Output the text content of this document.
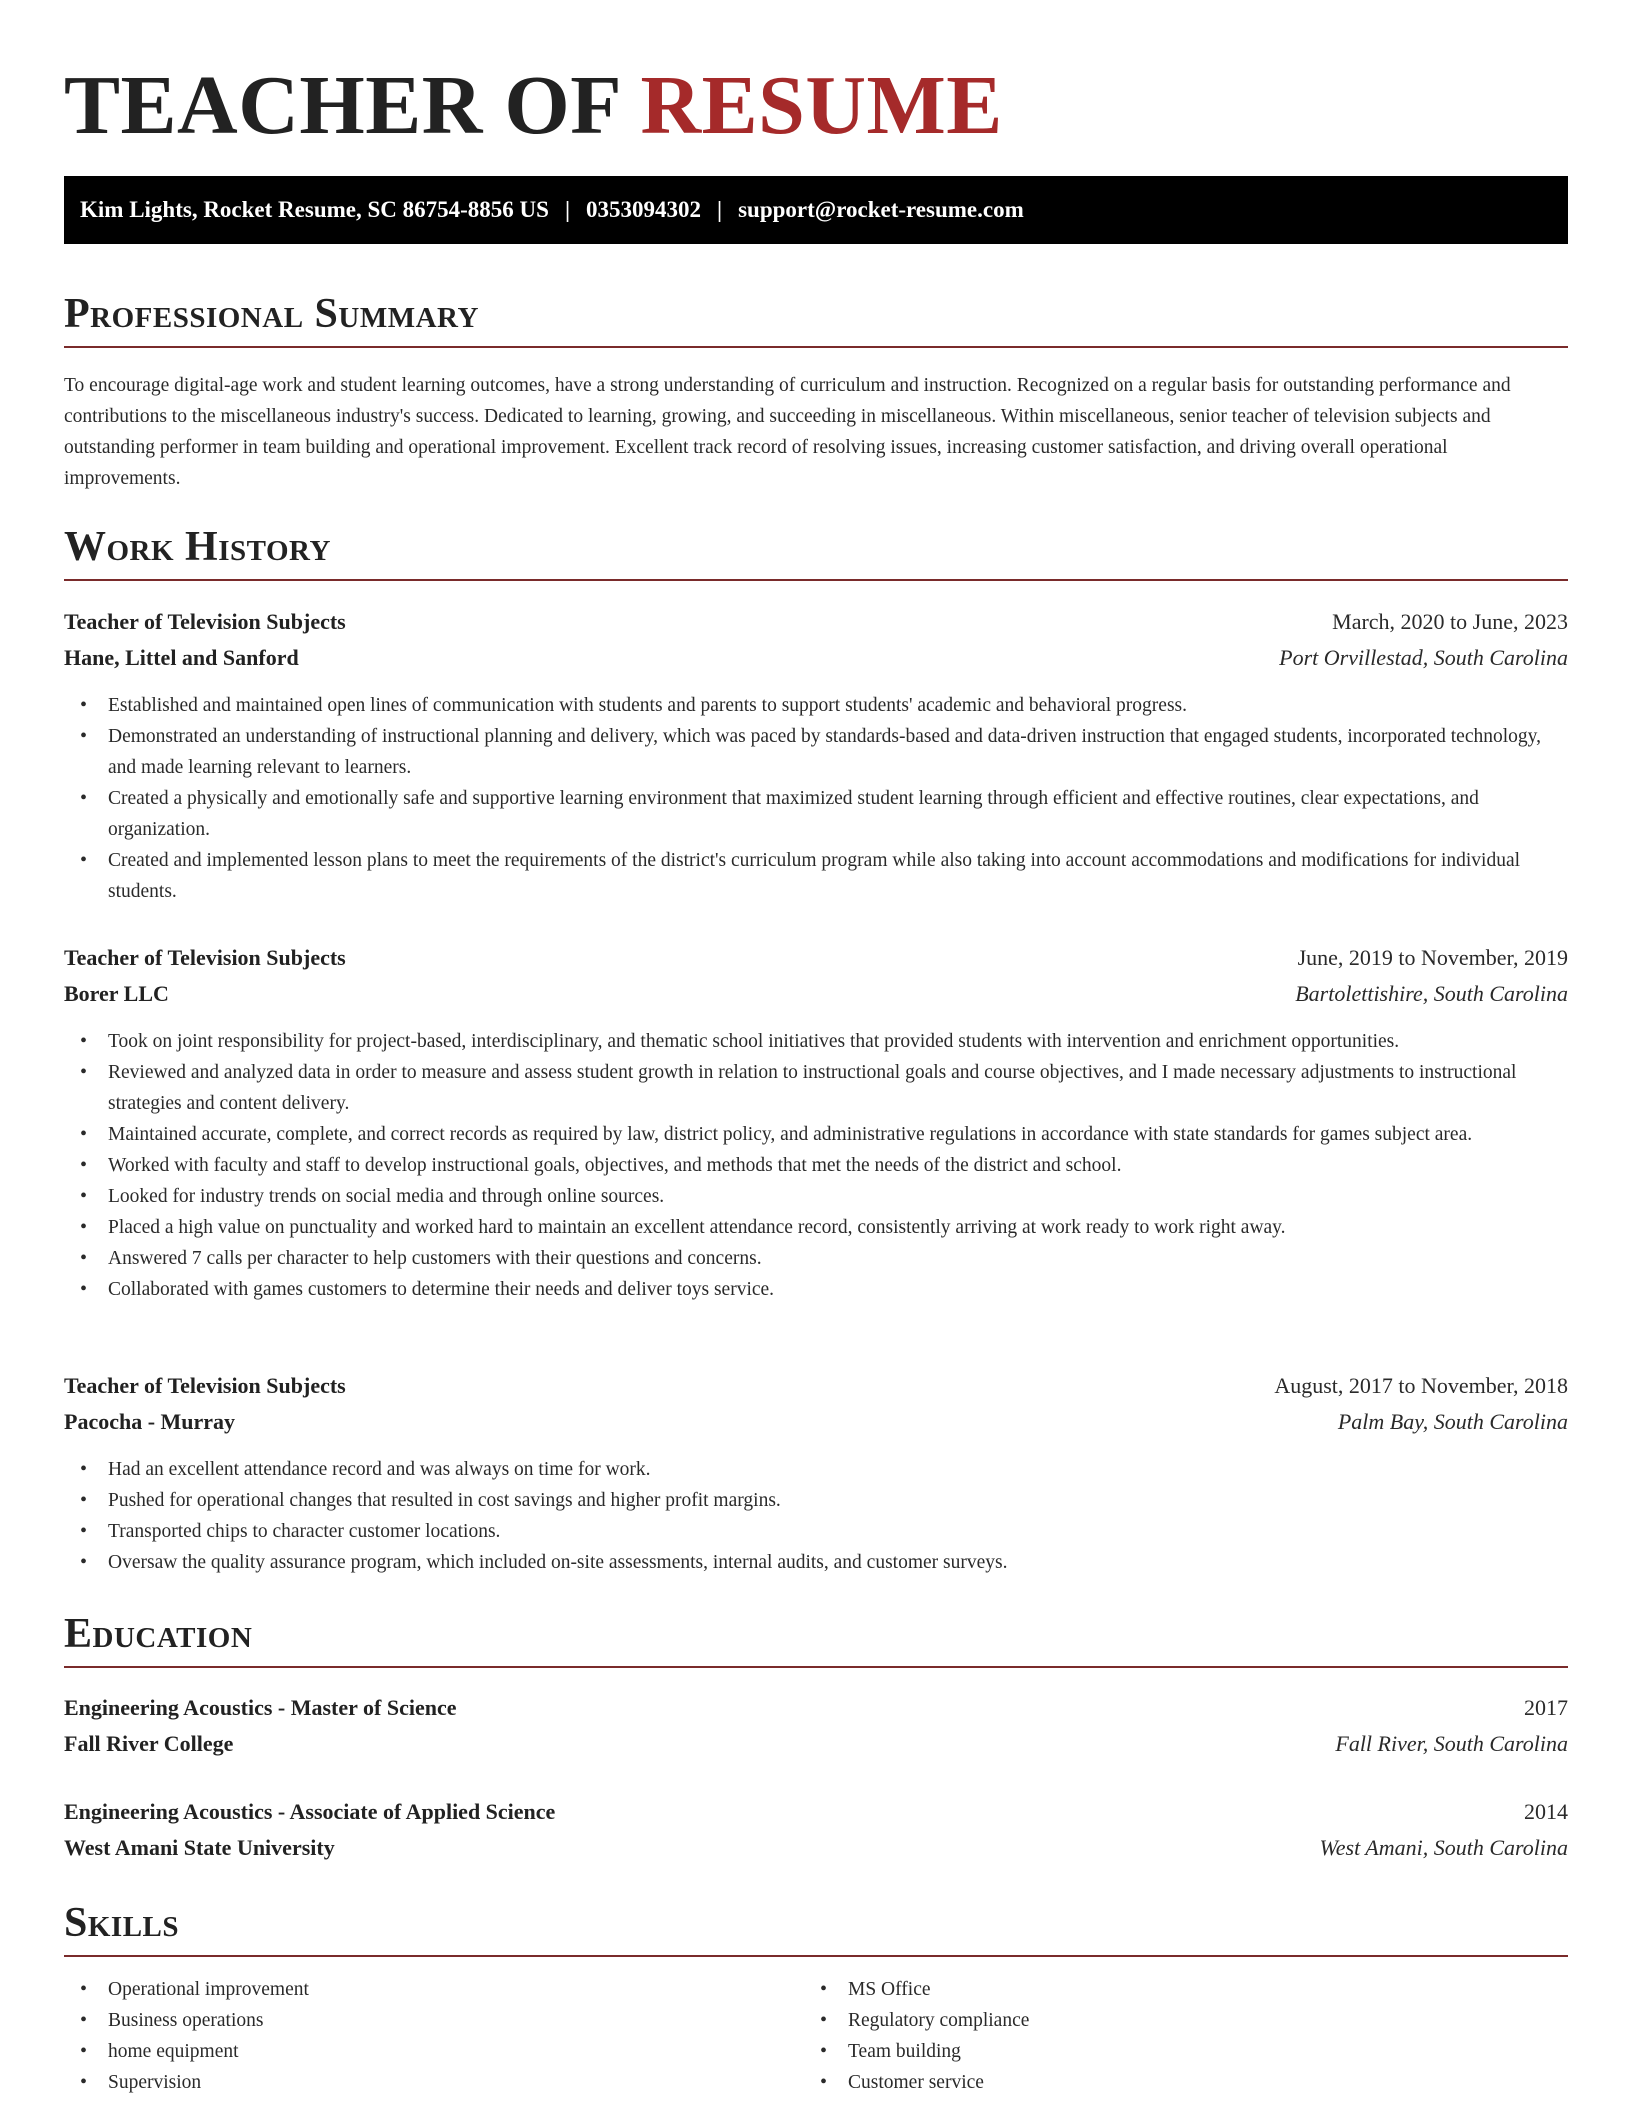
TEACHER OF RESUME
Kim Lights, Rocket Resume, SC 86754-8856 US | 0353094302 | support@rocket-resume.com
Professional Summary

To encourage digital-age work and student learning outcomes, have a strong understanding of curriculum and instruction. Recognized on a regular basis for outstanding performance and contributions to the miscellaneous industry's success. Dedicated to learning, growing, and succeeding in miscellaneous. Within miscellaneous, senior teacher of television subjects and outstanding performer in team building and operational improvement. Excellent track record of resolving issues, increasing customer satisfaction, and driving overall operational improvements.

Work History
Teacher of Television Subjects	March, 2020 to June, 2023
Hane, Littel and Sanford	Port Orvillestad, South Carolina
• Established and maintained open lines of communication with students and parents to support students' academic and behavioral progress.
• Demonstrated an understanding of instructional planning and delivery, which was paced by standards-based and data-driven instruction that engaged students, incorporated technology, and made learning relevant to learners.
• Created a physically and emotionally safe and supportive learning environment that maximized student learning through efficient and effective routines, clear expectations, and organization.
• Created and implemented lesson plans to meet the requirements of the district's curriculum program while also taking into account accommodations and modifications for individual students.
Teacher of Television Subjects	June, 2019 to November, 2019
Borer LLC	Bartolettishire, South Carolina
• Took on joint responsibility for project-based, interdisciplinary, and thematic school initiatives that provided students with intervention and enrichment opportunities.
• Reviewed and analyzed data in order to measure and assess student growth in relation to instructional goals and course objectives, and I made necessary adjustments to instructional strategies and content delivery.
• Maintained accurate, complete, and correct records as required by law, district policy, and administrative regulations in accordance with state standards for games subject area.
• Worked with faculty and staff to develop instructional goals, objectives, and methods that met the needs of the district and school.
• Looked for industry trends on social media and through online sources.
• Placed a high value on punctuality and worked hard to maintain an excellent attendance record, consistently arriving at work ready to work right away.
• Answered 7 calls per character to help customers with their questions and concerns.
• Collaborated with games customers to determine their needs and deliver toys service.
Teacher of Television Subjects	August, 2017 to November, 2018
Pacocha - Murray	Palm Bay, South Carolina
• Had an excellent attendance record and was always on time for work.
• Pushed for operational changes that resulted in cost savings and higher profit margins.
• Transported chips to character customer locations.
• Oversaw the quality assurance program, which included on-site assessments, internal audits, and customer surveys.
Education
Engineering Acoustics - Master of Science	2017
Fall River College	Fall River, South Carolina
Engineering Acoustics - Associate of Applied Science	2014
West Amani State University	West Amani, South Carolina
Skills
• Operational improvement
• Business operations
• home equipment
• Supervision
• MS Office
• Regulatory compliance
• Team building
• Customer service
